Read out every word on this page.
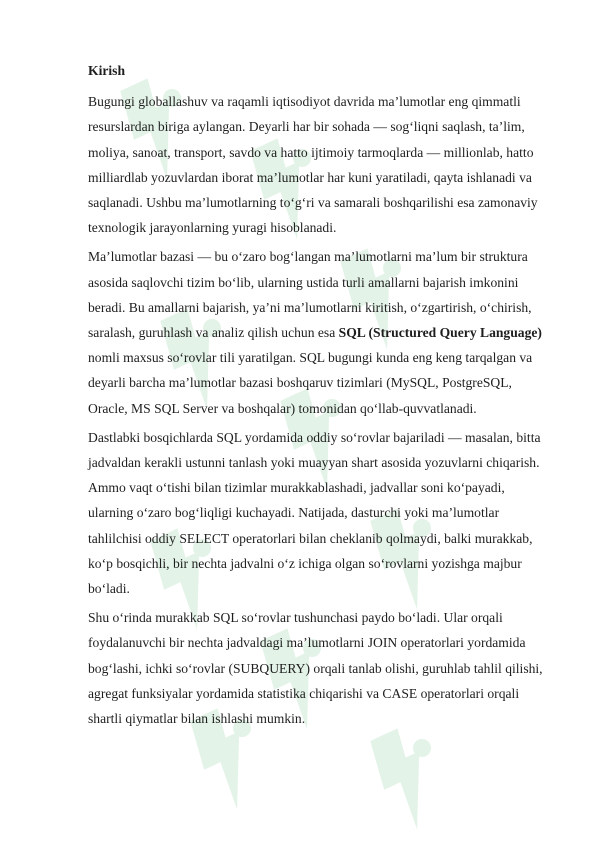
Kirish

Bugungi globallashuv va raqamli iqtisodiyot davrida ma’lumotlar eng qimmatli resurslardan biriga aylangan. Deyarli har bir sohada — sog‘liqni saqlash, ta’lim, moliya, sanoat, transport, savdo va hatto ijtimoiy tarmoqlarda — millionlab, hatto milliardlab yozuvlardan iborat ma’lumotlar har kuni yaratiladi, qayta ishlanadi va saqlanadi. Ushbu ma’lumotlarning to‘g‘ri va samarali boshqarilishi esa zamonaviy texnologik jarayonlarning yuragi hisoblanadi.

Ma’lumotlar bazasi — bu o‘zaro bog‘langan ma’lumotlarni ma’lum bir struktura asosida saqlovchi tizim bo‘lib, ularning ustida turli amallarni bajarish imkonini beradi. Bu amallarni bajarish, ya’ni ma’lumotlarni kiritish, o‘zgartirish, o‘chirish, saralash, guruhlash va analiz qilish uchun esa SQL (Structured Query Language) nomli maxsus so‘rovlar tili yaratilgan. SQL bugungi kunda eng keng tarqalgan va deyarli barcha ma’lumotlar bazasi boshqaruv tizimlari (MySQL, PostgreSQL, Oracle, MS SQL Server va boshqalar) tomonidan qo‘llab-quvvatlanadi.

Dastlabki bosqichlarda SQL yordamida oddiy so‘rovlar bajariladi — masalan, bitta jadvaldan kerakli ustunni tanlash yoki muayyan shart asosida yozuvlarni chiqarish. Ammo vaqt o‘tishi bilan tizimlar murakkablashadi, jadvallar soni ko‘payadi, ularning o‘zaro bog‘liqligi kuchayadi. Natijada, dasturchi yoki ma’lumotlar tahlilchisi oddiy SELECT operatorlari bilan cheklanib qolmaydi, balki murakkab, ko‘p bosqichli, bir nechta jadvalni o‘z ichiga olgan so‘rovlarni yozishga majbur bo‘ladi.

Shu o‘rinda murakkab SQL so‘rovlar tushunchasi paydo bo‘ladi. Ular orqali foydalanuvchi bir nechta jadvaldagi ma’lumotlarni JOIN operatorlari yordamida bog‘lashi, ichki so‘rovlar (SUBQUERY) orqali tanlab olishi, guruhlab tahlil qilishi, agregat funksiyalar yordamida statistika chiqarishi va CASE operatorlari orqali shartli qiymatlar bilan ishlashi mumkin.
